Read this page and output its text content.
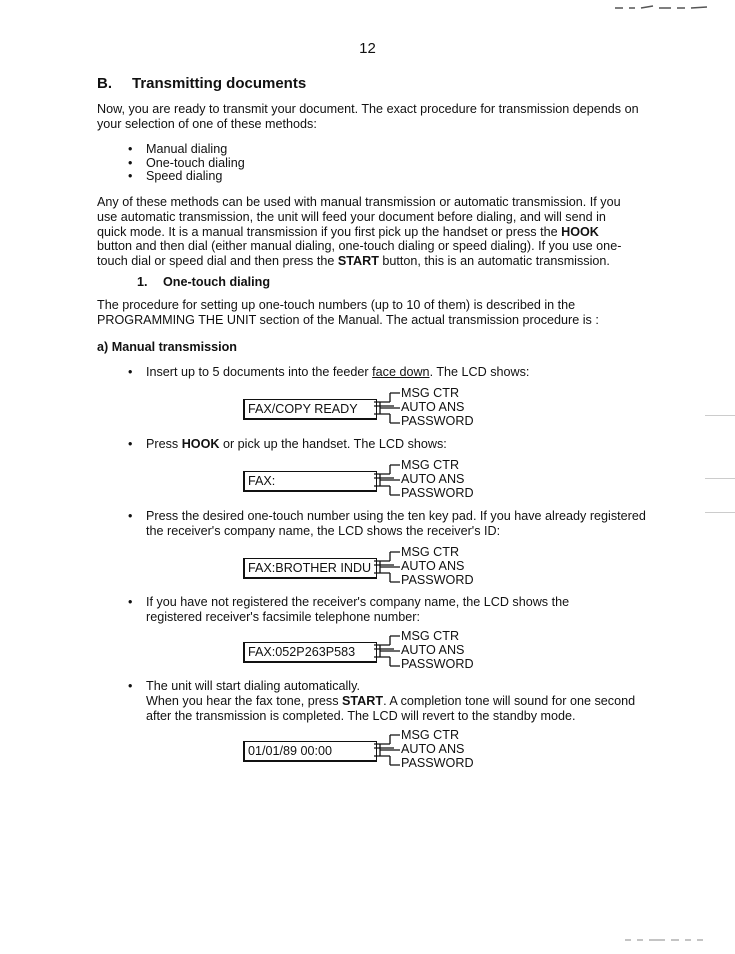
12
B. Transmitting documents
Now, you are ready to transmit your document. The exact procedure for transmission depends on your selection of one of these methods:
• Manual dialing
• One-touch dialing
• Speed dialing
Any of these methods can be used with manual transmission or automatic transmission. If you use automatic transmission, the unit will feed your document before dialing, and will send in quick mode. It is a manual transmission if you first pick up the handset or press the HOOK button and then dial (either manual dialing, one-touch dialing or speed dialing). If you use one-touch dial or speed dial and then press the START button, this is an automatic transmission.
1. One-touch dialing
The procedure for setting up one-touch numbers (up to 10 of them) is described in the PROGRAMMING THE UNIT section of the Manual. The actual transmission procedure is :
a) Manual transmission
• Insert up to 5 documents into the feeder face down. The LCD shows:
FAX/COPY READY
MSG CTR
AUTO ANS
PASSWORD
• Press HOOK or pick up the handset. The LCD shows:
FAX:
MSG CTR
AUTO ANS
PASSWORD
• Press the desired one-touch number using the ten key pad. If you have already registered the receiver's company name, the LCD shows the receiver's ID:
FAX:BROTHER INDU
MSG CTR
AUTO ANS
PASSWORD
• If you have not registered the receiver's company name, the LCD shows the registered receiver's facsimile telephone number:
FAX:052P263P583
MSG CTR
AUTO ANS
PASSWORD
• The unit will start dialing automatically.
When you hear the fax tone, press START. A completion tone will sound for one second after the transmission is completed. The LCD will revert to the standby mode.
01/01/89 00:00
MSG CTR
AUTO ANS
PASSWORD
